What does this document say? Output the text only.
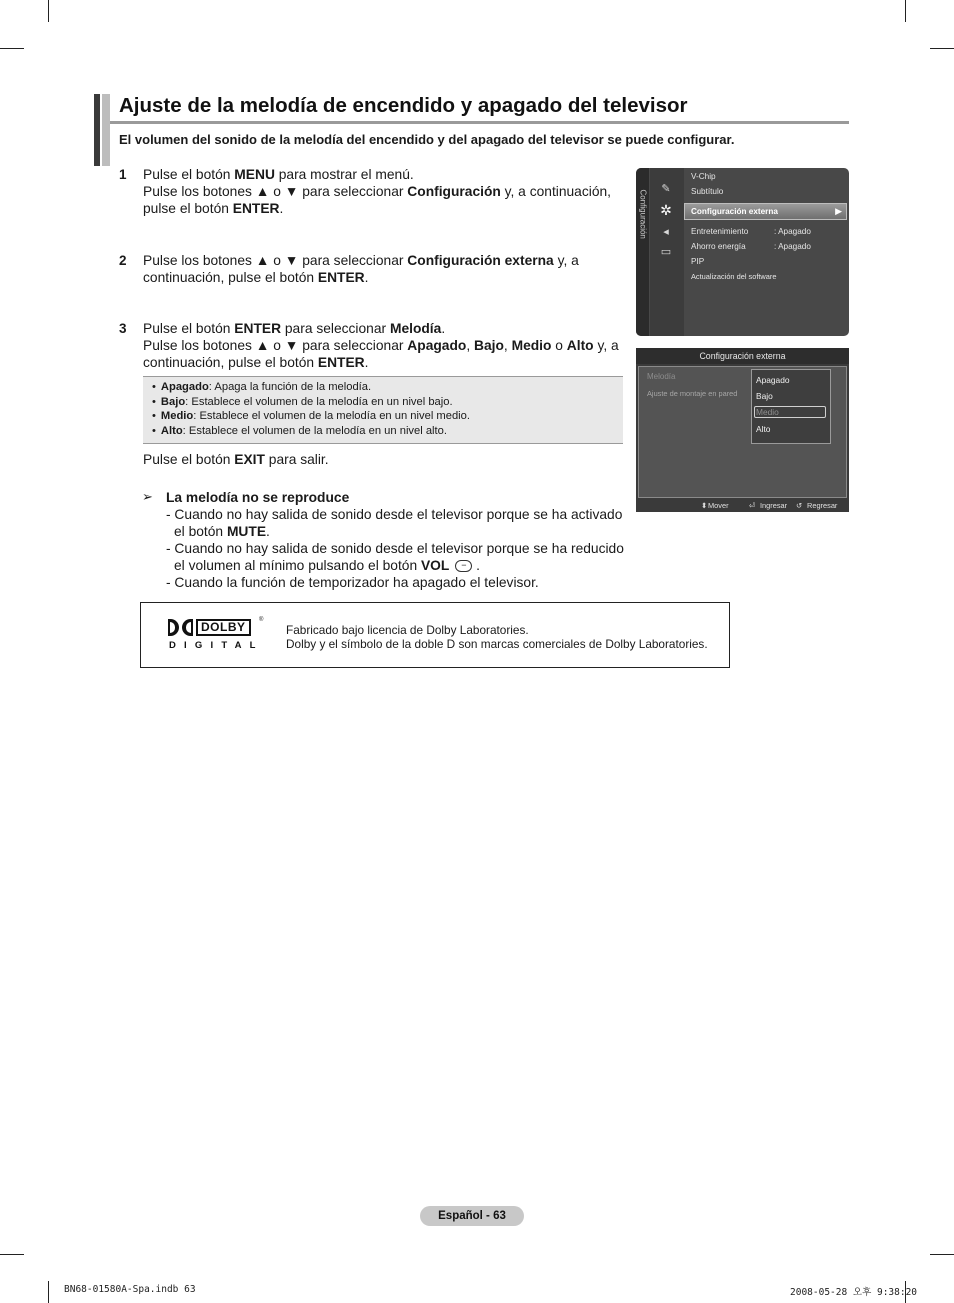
Ajuste de la melodía de encendido y apagado del televisor
El volumen del sonido de la melodía del encendido y del apagado del televisor se puede configurar.
1 Pulse el botón MENU para mostrar el menú.
Pulse los botones ▲ o ▼ para seleccionar Configuración y, a continuación,
pulse el botón ENTER.
2 Pulse los botones ▲ o ▼ para seleccionar Configuración externa y, a
continuación, pulse el botón ENTER.
3 Pulse el botón ENTER para seleccionar Melodía.
Pulse los botones ▲ o ▼ para seleccionar Apagado, Bajo, Medio o Alto y, a
continuación, pulse el botón ENTER.
• Apagado: Apaga la función de la melodía.
• Bajo: Establece el volumen de la melodía en un nivel bajo.
• Medio: Establece el volumen de la melodía en un nivel medio.
• Alto: Establece el volumen de la melodía en un nivel alto.
Pulse el botón EXIT para salir.
➢ La melodía no se reproduce
- Cuando no hay salida de sonido desde el televisor porque se ha activado
el botón MUTE.
- Cuando no hay salida de sonido desde el televisor porque se ha reducido
el volumen al mínimo pulsando el botón VOL − .
- Cuando la función de temporizador ha apagado el televisor.
DOLBY	®
DIGITAL
Fabricado bajo licencia de Dolby Laboratories.
Dolby y el símbolo de la doble D son marcas comerciales de Dolby Laboratories.
Configuración
✎
✲
◂
▭
V-Chip
Subtítulo
Configuración externa	▶
Entretenimiento	: Apagado
Ahorro energía	: Apagado
PIP
Actualización del software
Configuración externa
Melodía
Ajuste de montaje en pared
Apagado
Bajo
Medio
Alto
⬍ Mover	⏎ Ingresar ↺ Regresar
Español - 63
BN68-01580A-Spa.indb 63	2008-05-28 오후 9:38:20
